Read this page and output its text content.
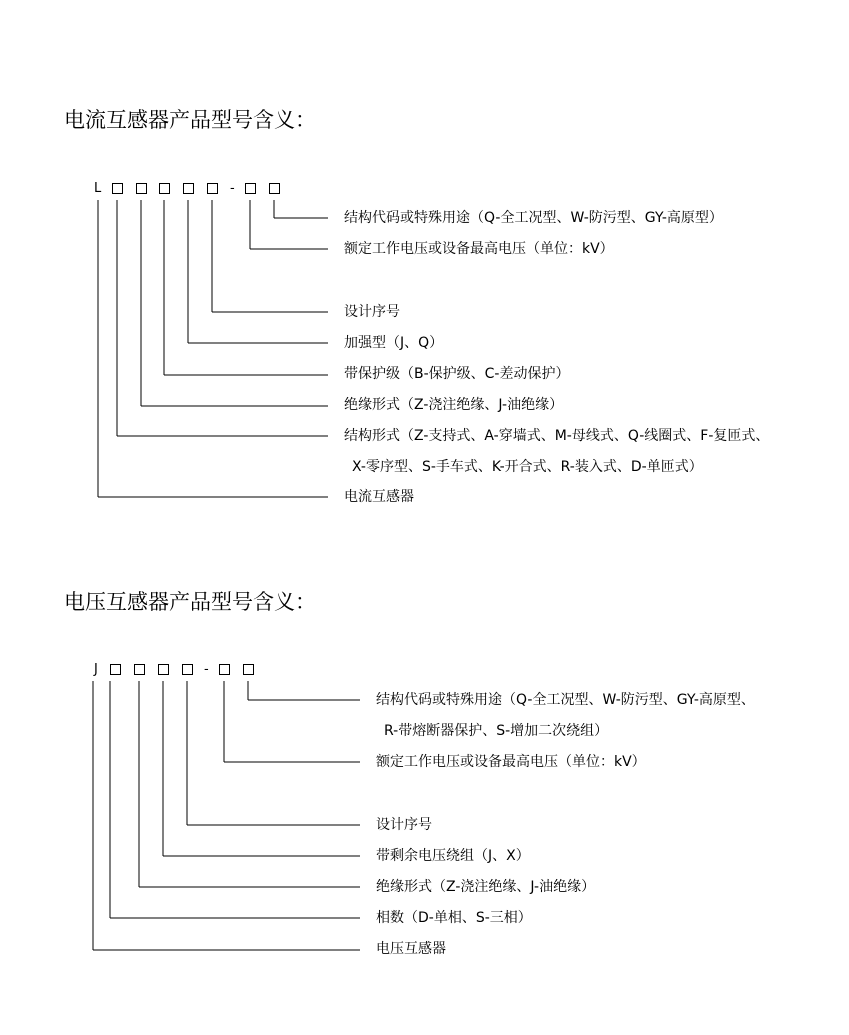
电流互感器产品型号含义：
L	-
结构代码或特殊用途（Q-全工况型、W-防污型、GY-高原型）
额定工作电压或设备最高电压（单位：kV）
设计序号
加强型（J、Q）
带保护级（B-保护级、C-差动保护）
绝缘形式（Z-浇注绝缘、J-油绝缘）
结构形式（Z-支持式、A-穿墙式、M-母线式、Q-线圈式、F-复匝式、
X-零序型、S-手车式、K-开合式、R-装入式、D-单匝式）
电流互感器
电压互感器产品型号含义：
J	-
结构代码或特殊用途（Q-全工况型、W-防污型、GY-高原型、
R-带熔断器保护、S-增加二次绕组）
额定工作电压或设备最高电压（单位：kV）
设计序号
带剩余电压绕组（J、X）
绝缘形式（Z-浇注绝缘、J-油绝缘）
相数（D-单相、S-三相）
电压互感器
